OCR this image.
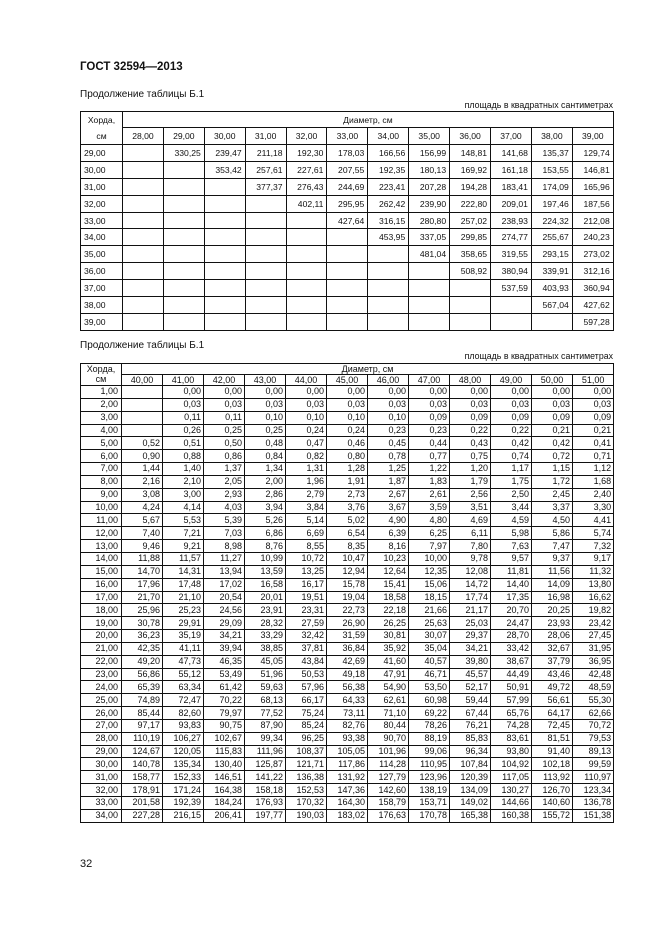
ГОСТ 32594—2013
Продолжение таблицы Б.1
площадь в квадратных сантиметрах
Хорда,	Диаметр, см											
см	28,00	29,00	30,00	31,00	32,00	33,00	34,00	35,00	36,00	37,00	38,00	39,00
29,00		330,25	239,47	211,18	192,30	178,03	166,56	156,99	148,81	141,68	135,37	129,74
30,00			353,42	257,61	227,61	207,55	192,35	180,13	169,92	161,18	153,55	146,81
31,00				377,37	276,43	244,69	223,41	207,28	194,28	183,41	174,09	165,96
32,00					402,11	295,95	262,42	239,90	222,80	209,01	197,46	187,56
33,00						427,64	316,15	280,80	257,02	238,93	224,32	212,08
34,00							453,95	337,05	299,85	274,77	255,67	240,23
35,00								481,04	358,65	319,55	293,15	273,02
36,00									508,92	380,94	339,91	312,16
37,00										537,59	403,93	360,94
38,00											567,04	427,62
39,00												597,28
Продолжение таблицы Б.1
площадь в квадратных сантиметрах
Хорда,	Диаметр, см											
см	40,00	41,00	42,00	43,00	44,00	45,00	46,00	47,00	48,00	49,00	50,00	51,00
1,00		0,00	0,00	0,00	0,00	0,00	0,00	0,00	0,00	0,00	0,00	0,00
2,00		0,03	0,03	0,03	0,03	0,03	0,03	0,03	0,03	0,03	0,03	0,03
3,00		0,11	0,11	0,10	0,10	0,10	0,10	0,09	0,09	0,09	0,09	0,09
4,00		0,26	0,25	0,25	0,24	0,24	0,23	0,23	0,22	0,22	0,21	0,21
5,00	0,52	0,51	0,50	0,48	0,47	0,46	0,45	0,44	0,43	0,42	0,42	0,41
6,00	0,90	0,88	0,86	0,84	0,82	0,80	0,78	0,77	0,75	0,74	0,72	0,71
7,00	1,44	1,40	1,37	1,34	1,31	1,28	1,25	1,22	1,20	1,17	1,15	1,12
8,00	2,16	2,10	2,05	2,00	1,96	1,91	1,87	1,83	1,79	1,75	1,72	1,68
9,00	3,08	3,00	2,93	2,86	2,79	2,73	2,67	2,61	2,56	2,50	2,45	2,40
10,00	4,24	4,14	4,03	3,94	3,84	3,76	3,67	3,59	3,51	3,44	3,37	3,30
11,00	5,67	5,53	5,39	5,26	5,14	5,02	4,90	4,80	4,69	4,59	4,50	4,41
12,00	7,40	7,21	7,03	6,86	6,69	6,54	6,39	6,25	6,11	5,98	5,86	5,74
13,00	9,46	9,21	8,98	8,76	8,55	8,35	8,16	7,97	7,80	7,63	7,47	7,32
14,00	11,88	11,57	11,27	10,99	10,72	10,47	10,23	10,00	9,78	9,57	9,37	9,17
15,00	14,70	14,31	13,94	13,59	13,25	12,94	12,64	12,35	12,08	11,81	11,56	11,32
16,00	17,96	17,48	17,02	16,58	16,17	15,78	15,41	15,06	14,72	14,40	14,09	13,80
17,00	21,70	21,10	20,54	20,01	19,51	19,04	18,58	18,15	17,74	17,35	16,98	16,62
18,00	25,96	25,23	24,56	23,91	23,31	22,73	22,18	21,66	21,17	20,70	20,25	19,82
19,00	30,78	29,91	29,09	28,32	27,59	26,90	26,25	25,63	25,03	24,47	23,93	23,42
20,00	36,23	35,19	34,21	33,29	32,42	31,59	30,81	30,07	29,37	28,70	28,06	27,45
21,00	42,35	41,11	39,94	38,85	37,81	36,84	35,92	35,04	34,21	33,42	32,67	31,95
22,00	49,20	47,73	46,35	45,05	43,84	42,69	41,60	40,57	39,80	38,67	37,79	36,95
23,00	56,86	55,12	53,49	51,96	50,53	49,18	47,91	46,71	45,57	44,49	43,46	42,48
24,00	65,39	63,34	61,42	59,63	57,96	56,38	54,90	53,50	52,17	50,91	49,72	48,59
25,00	74,89	72,47	70,22	68,13	66,17	64,33	62,61	60,98	59,44	57,99	56,61	55,30
26,00	85,44	82,60	79,97	77,52	75,24	73,11	71,10	69,22	67,44	65,76	64,17	62,66
27,00	97,17	93,83	90,75	87,90	85,24	82,76	80,44	78,26	76,21	74,28	72,45	70,72
28,00	110,19	106,27	102,67	99,34	96,25	93,38	90,70	88,19	85,83	83,61	81,51	79,53
29,00	124,67	120,05	115,83	111,96	108,37	105,05	101,96	99,06	96,34	93,80	91,40	89,13
30,00	140,78	135,34	130,40	125,87	121,71	117,86	114,28	110,95	107,84	104,92	102,18	99,59
31,00	158,77	152,33	146,51	141,22	136,38	131,92	127,79	123,96	120,39	117,05	113,92	110,97
32,00	178,91	171,24	164,38	158,18	152,53	147,36	142,60	138,19	134,09	130,27	126,70	123,34
33,00	201,58	192,39	184,24	176,93	170,32	164,30	158,79	153,71	149,02	144,66	140,60	136,78
34,00	227,28	216,15	206,41	197,77	190,03	183,02	176,63	170,78	165,38	160,38	155,72	151,38
32
